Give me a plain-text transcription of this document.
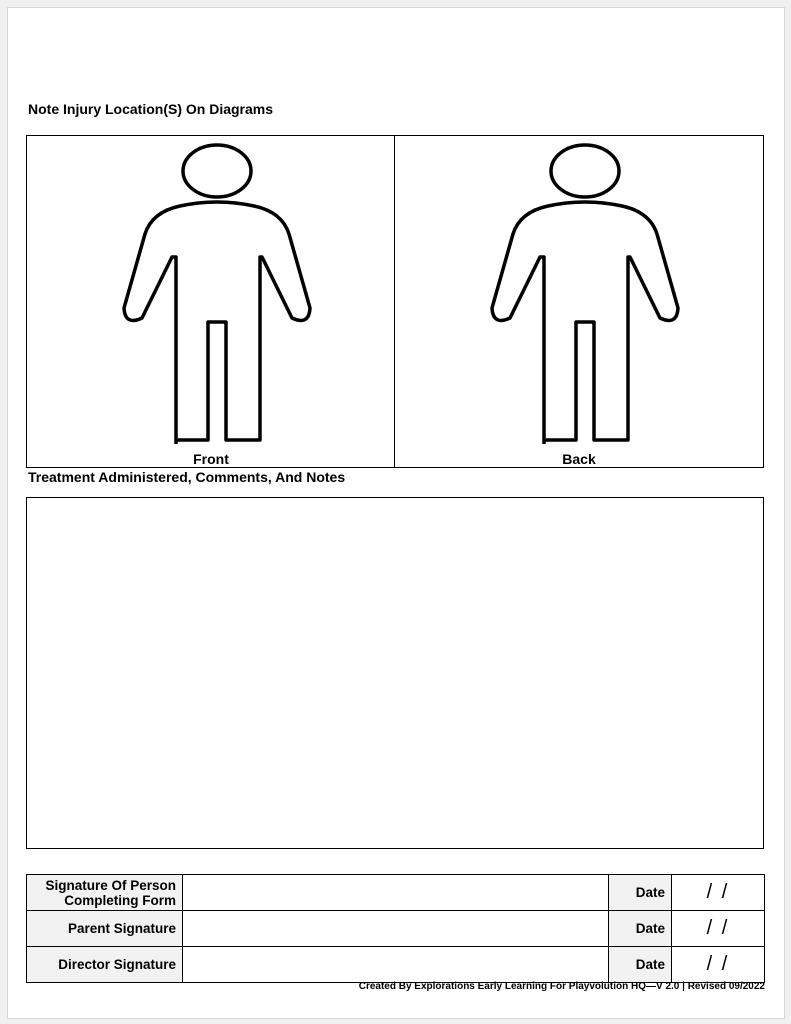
Note Injury Location(S) On Diagrams
Front	Back
Treatment Administered, Comments, And Notes
Signature Of Person Completing Form		Date	/ /
Parent Signature		Date	/ /
Director Signature		Date	/ /
Created By Explorations Early Learning For Playvolution HQ—V 2.0 | Revised 09/2022
